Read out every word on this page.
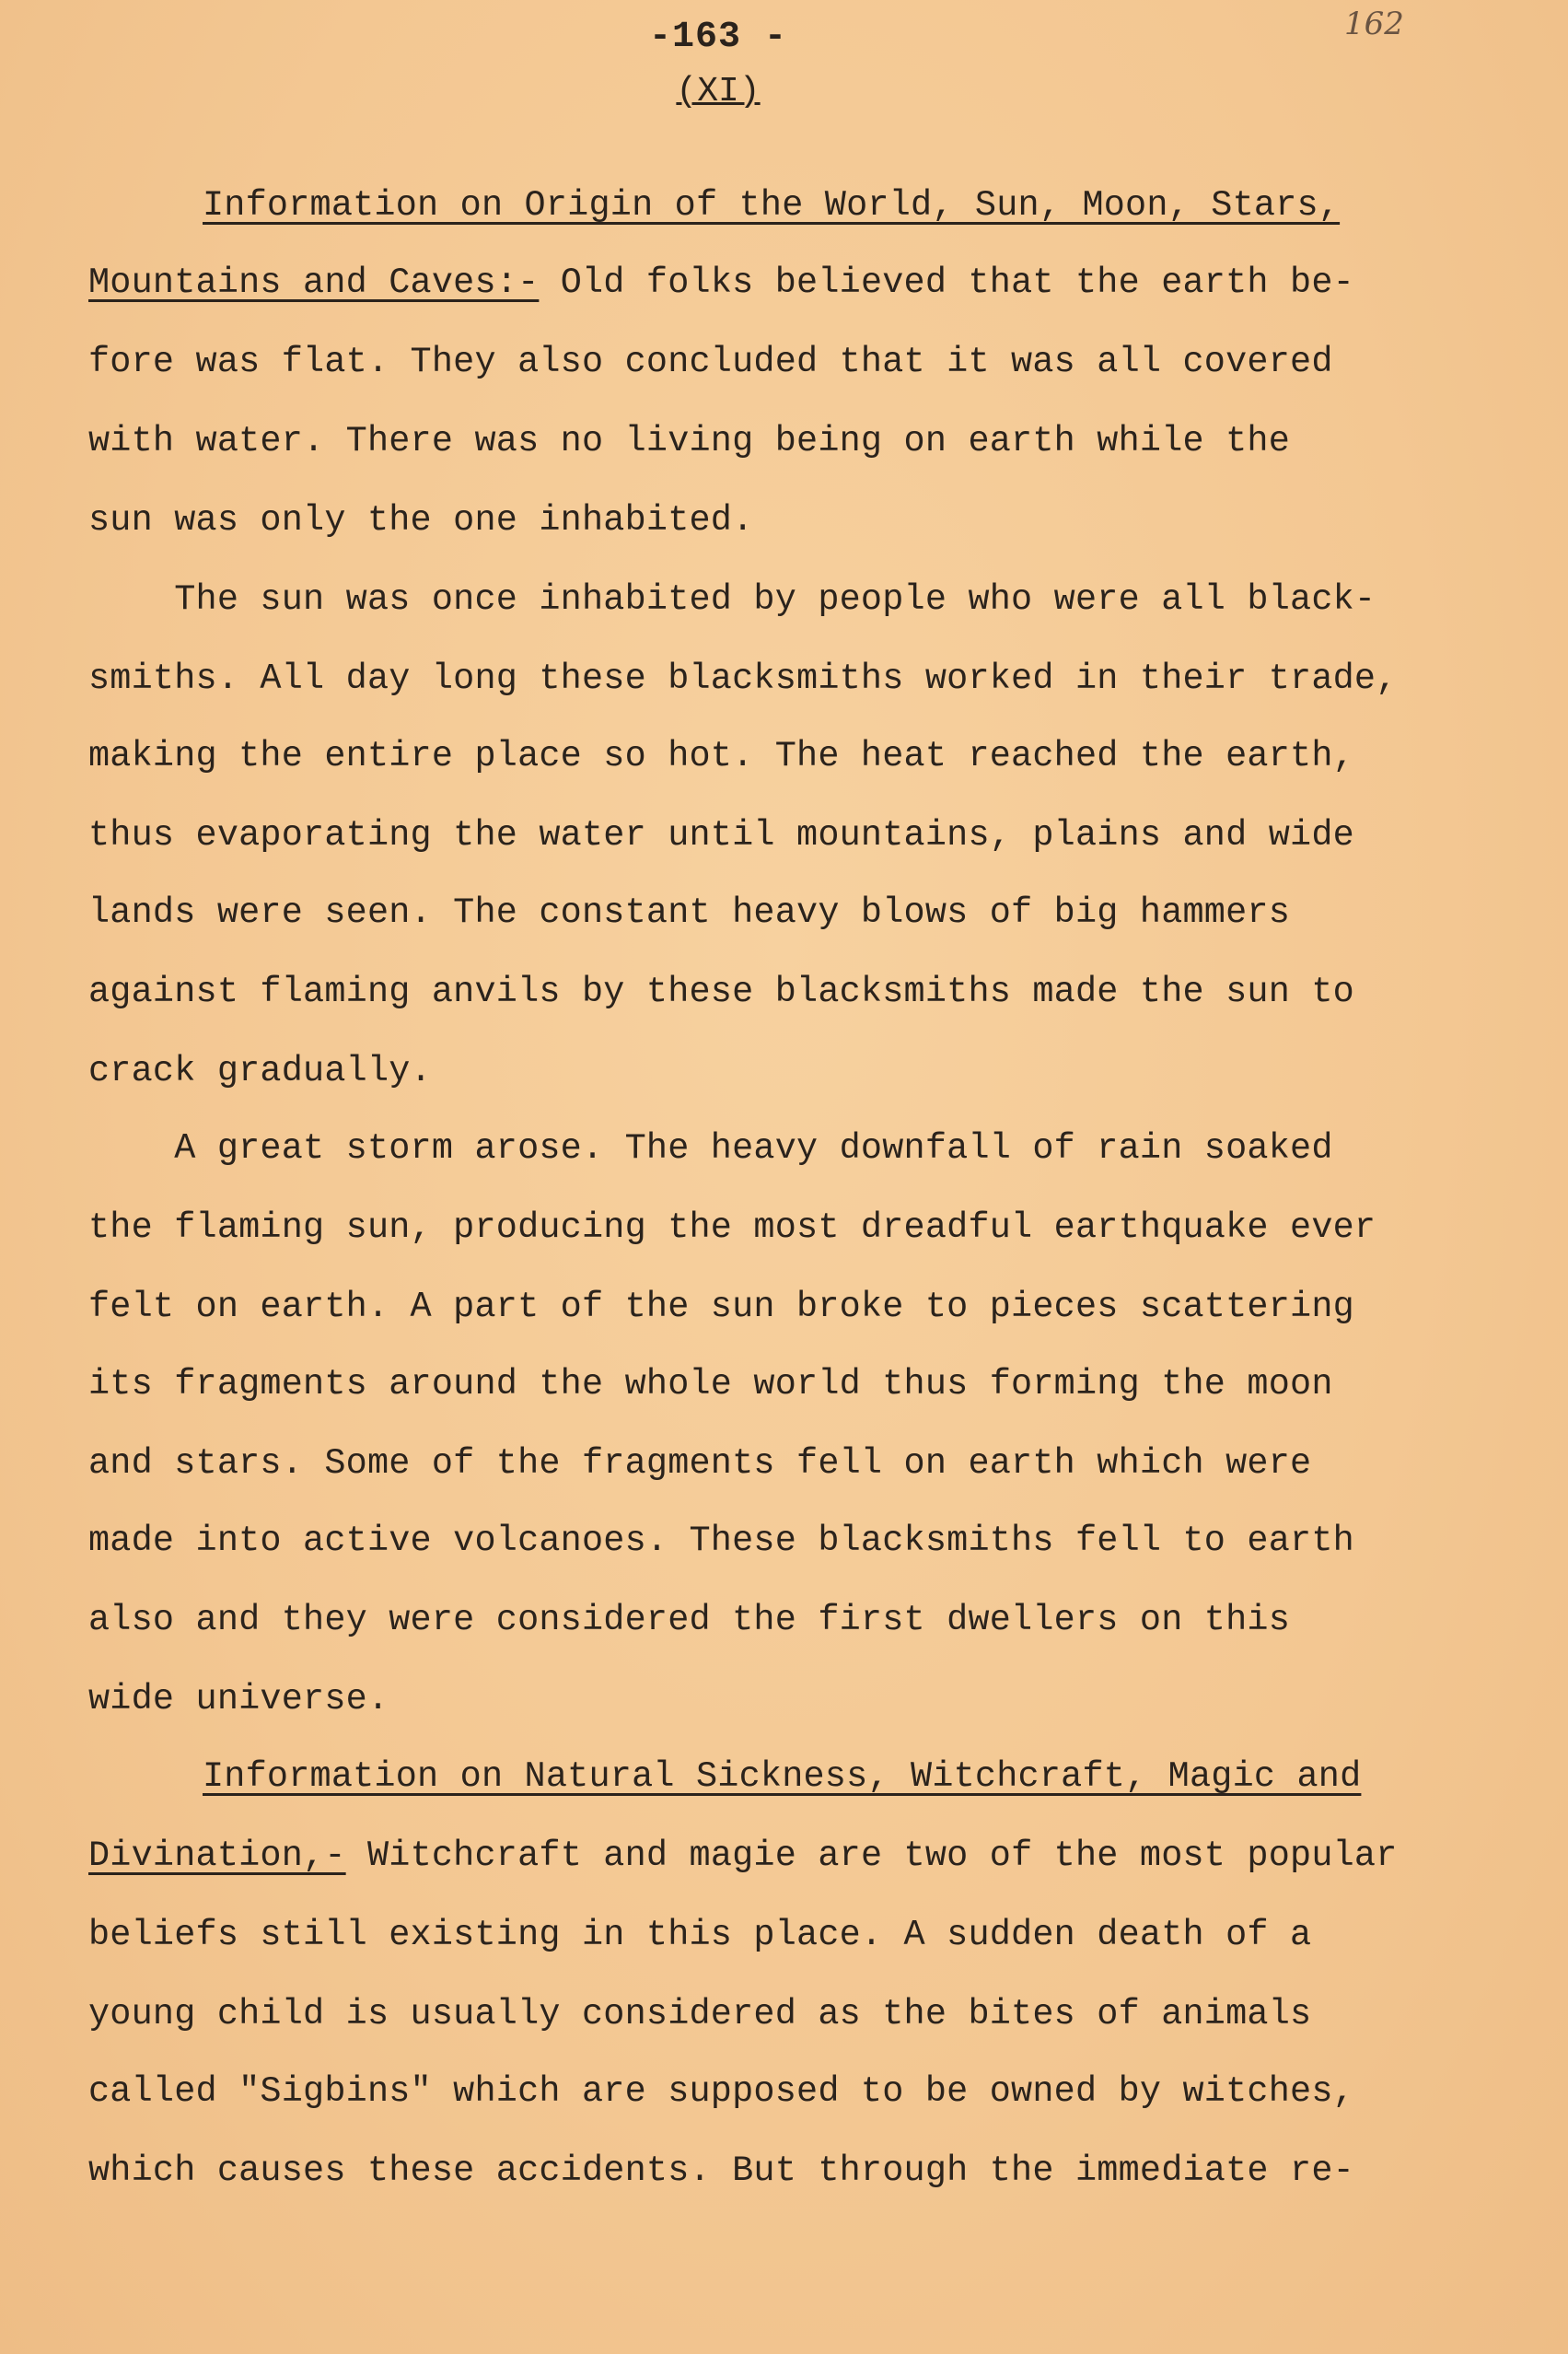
-163 -
(XI)
162
Information on Origin of the World, Sun, Moon, Stars,
Mountains and Caves:- Old folks believed that the earth be-
fore was flat. They also concluded that it was all covered
with water. There was no living being on earth while the
sun was only the one inhabited.
The sun was once inhabited by people who were all black-
smiths. All day long these blacksmiths worked in their trade,
making the entire place so hot. The heat reached the earth,
thus evaporating the water until mountains, plains and wide
lands were seen. The constant heavy blows of big hammers
against flaming anvils by these blacksmiths made the sun to
crack gradually.
A great storm arose. The heavy downfall of rain soaked
the flaming sun, producing the most dreadful earthquake ever
felt on earth. A part of the sun broke to pieces scattering
its fragments around the whole world thus forming the moon
and stars. Some of the fragments fell on earth which were
made into active volcanoes. These blacksmiths fell to earth
also and they were considered the first dwellers on this
wide universe.
Information on Natural Sickness, Witchcraft, Magic and
Divination,- Witchcraft and magie are two of the most popular
beliefs still existing in this place. A sudden death of a
young child is usually considered as the bites of animals
called "Sigbins" which are supposed to be owned by witches,
which causes these accidents. But through the immediate re-
